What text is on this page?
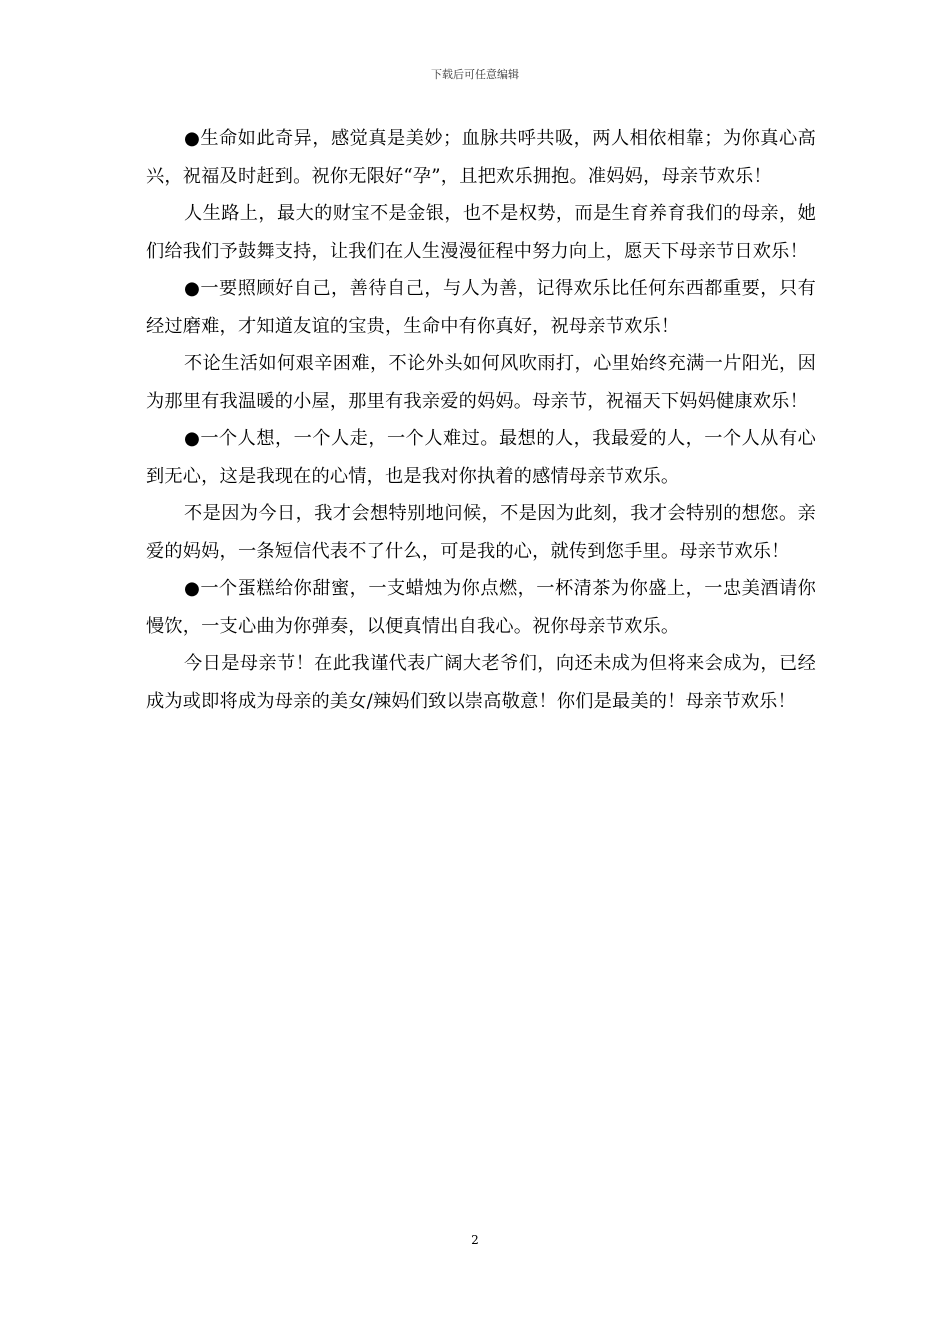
下载后可任意编辑

●生命如此奇异，感觉真是美妙；血脉共呼共吸，两人相依相靠；为你真心高兴，祝福及时赶到。祝你无限好“孕”，且把欢乐拥抱。准妈妈，母亲节欢乐！

人生路上，最大的财宝不是金银，也不是权势，而是生育养育我们的母亲，她们给我们予鼓舞支持，让我们在人生漫漫征程中努力向上，愿天下母亲节日欢乐！

●一要照顾好自己，善待自己，与人为善，记得欢乐比任何东西都重要，只有经过磨难，才知道友谊的宝贵，生命中有你真好，祝母亲节欢乐！

不论生活如何艰辛困难，不论外头如何风吹雨打，心里始终充满一片阳光，因为那里有我温暖的小屋，那里有我亲爱的妈妈。母亲节，祝福天下妈妈健康欢乐！

●一个人想，一个人走，一个人难过。最想的人，我最爱的人，一个人从有心到无心，这是我现在的心情，也是我对你执着的感情母亲节欢乐。

不是因为今日，我才会想特别地问候，不是因为此刻，我才会特别的想您。亲爱的妈妈，一条短信代表不了什么，可是我的心，就传到您手里。母亲节欢乐！

●一个蛋糕给你甜蜜，一支蜡烛为你点燃，一杯清茶为你盛上，一忠美酒请你慢饮，一支心曲为你弹奏，以便真情出自我心。祝你母亲节欢乐。

今日是母亲节！在此我谨代表广阔大老爷们，向还未成为但将来会成为，已经成为或即将成为母亲的美女/辣妈们致以崇高敬意！你们是最美的！母亲节欢乐！

2
